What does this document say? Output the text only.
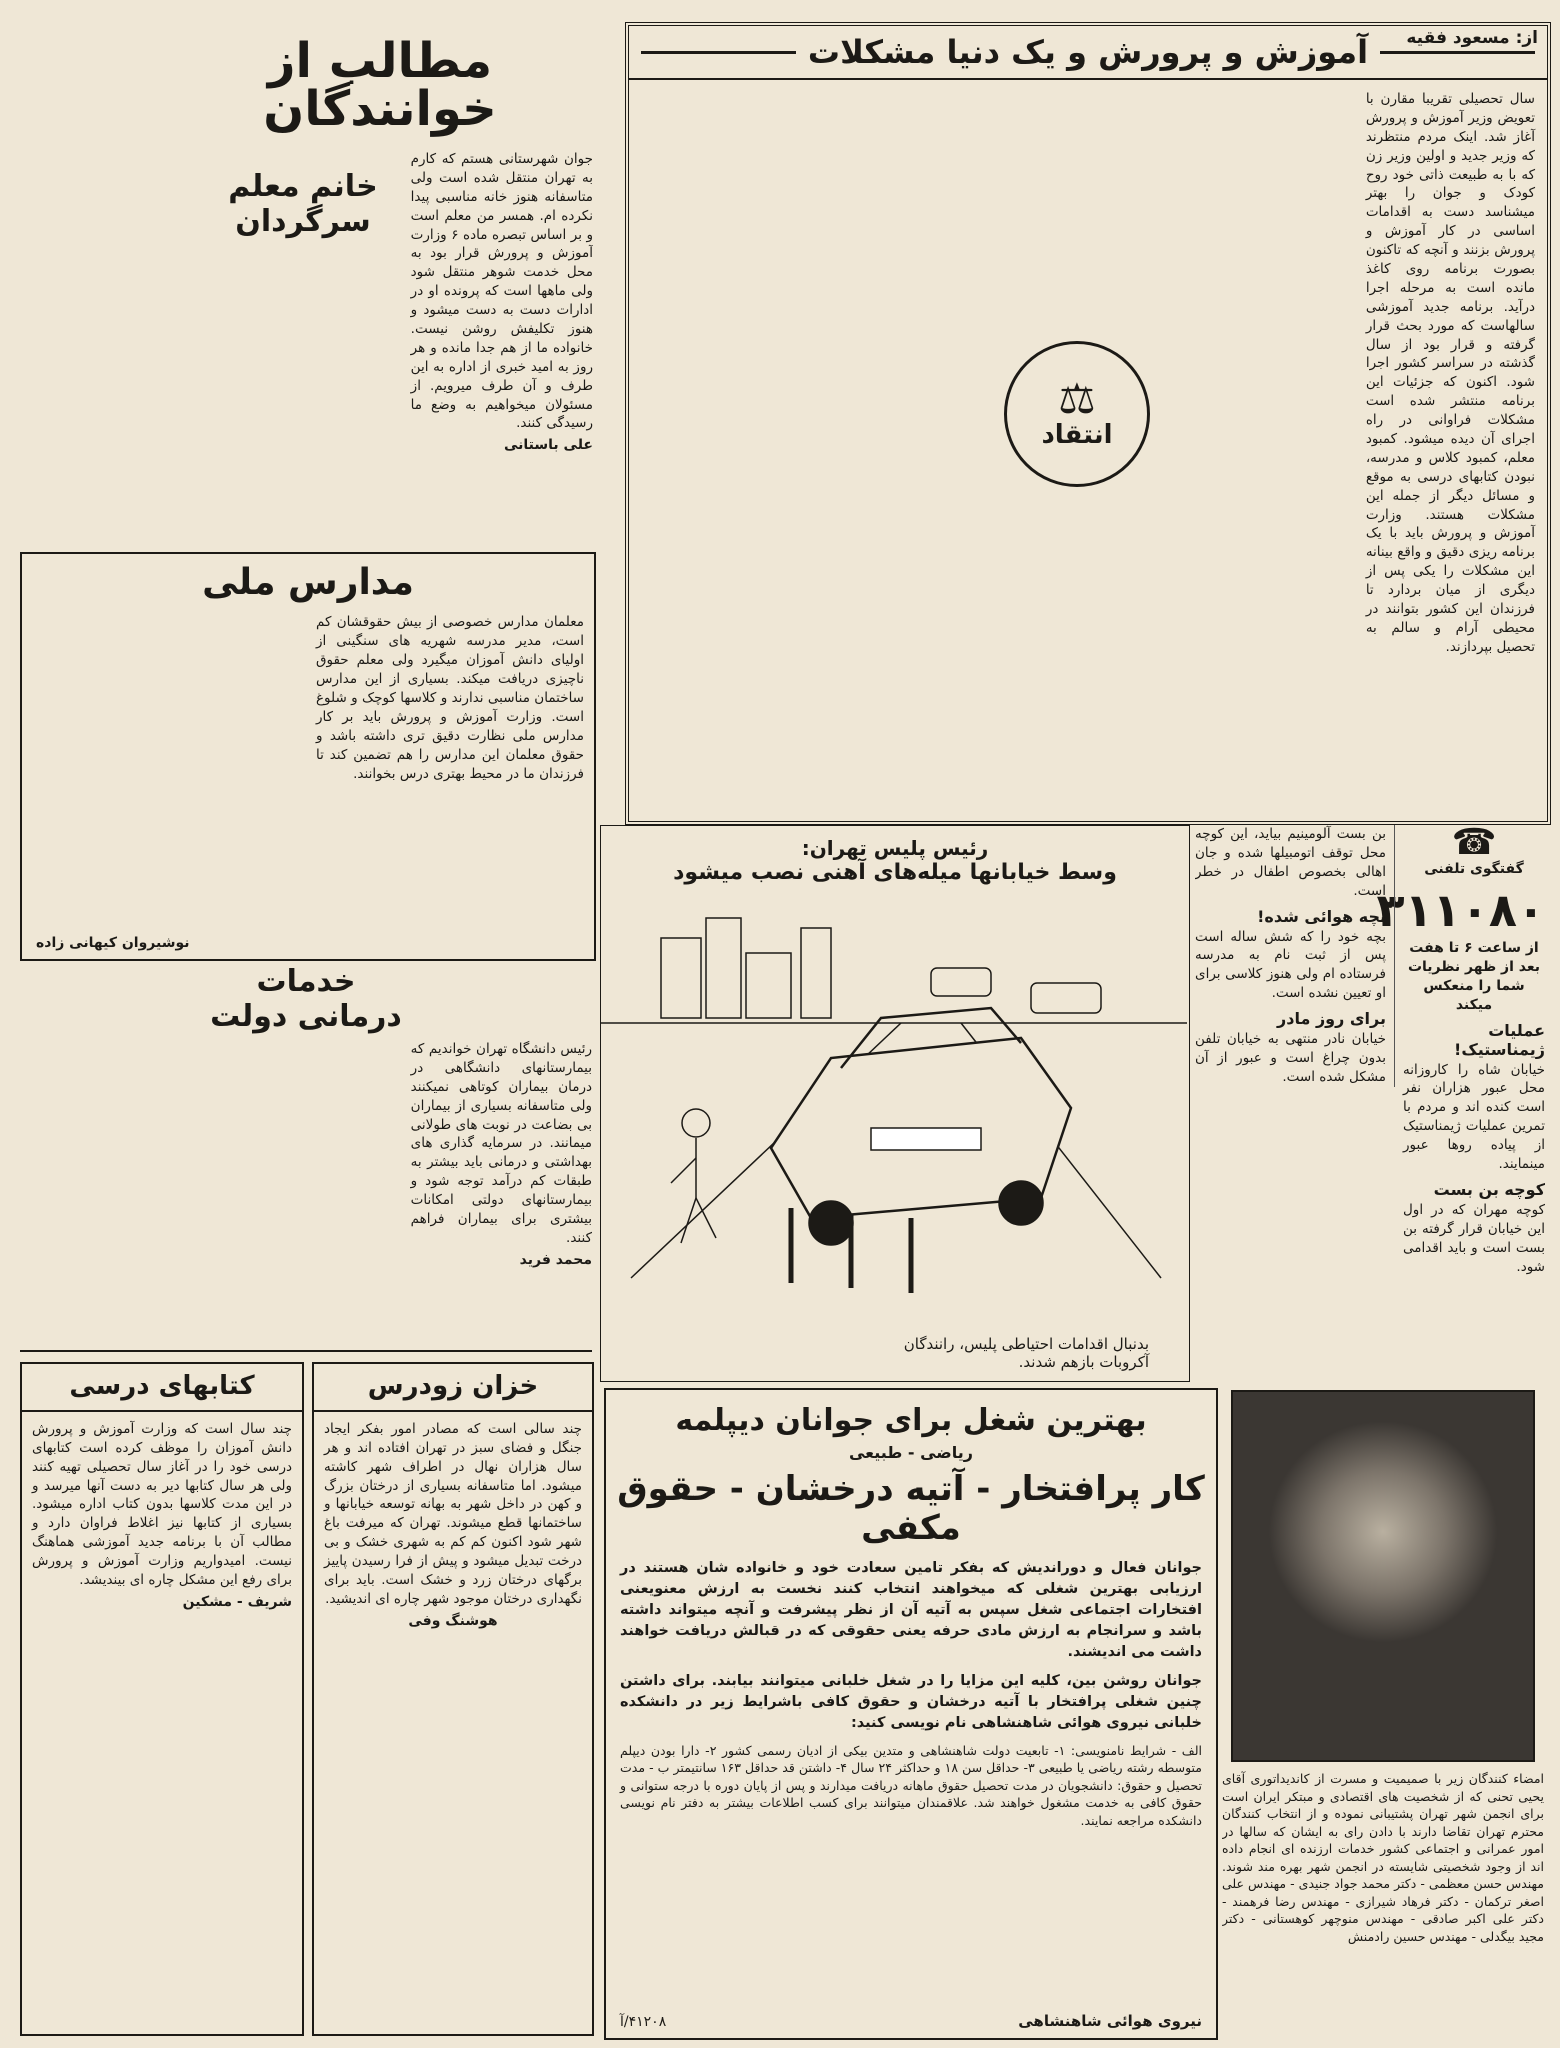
مطالب از خوانندگان
خانم معلم سرگردان

جوان شهرستانی هستم که کارم به تهران منتقل شده است ولی متاسفانه هنوز خانه مناسبی پیدا نکرده ام. همسر من معلم است و بر اساس تبصره ماده ۶ وزارت آموزش و پرورش قرار بود به محل خدمت شوهر منتقل شود ولی ماهها است که پرونده او در ادارات دست به دست میشود و هنوز تکلیفش روشن نیست. خانواده ما از هم جدا مانده و هر روز به امید خبری از اداره به این طرف و آن طرف میرویم. از مسئولان میخواهیم به وضع ما رسیدگی کنند.

علی باستانی
مدارس ملی

معلمان مدارس خصوصی از بیش حقوقشان کم است، مدیر مدرسه شهریه های سنگینی از اولیای دانش آموزان میگیرد ولی معلم حقوق ناچیزی دریافت میکند. بسیاری از این مدارس ساختمان مناسبی ندارند و کلاسها کوچک و شلوغ است. وزارت آموزش و پرورش باید بر کار مدارس ملی نظارت دقیق تری داشته باشد و حقوق معلمان این مدارس را هم تضمین کند تا فرزندان ما در محیط بهتری درس بخوانند.

نوشیروان کیهانی زاده
خدمات درمانی دولت

رئیس دانشگاه تهران خواندیم که بیمارستانهای دانشگاهی در درمان بیماران کوتاهی نمیکنند ولی متاسفانه بسیاری از بیماران بی بضاعت در نوبت های طولانی میمانند. در سرمایه گذاری های بهداشتی و درمانی باید بیشتر به طبقات کم درآمد توجه شود و بیمارستانهای دولتی امکانات بیشتری برای بیماران فراهم کنند.

محمد فرید
خزان زودرس

چند سالی است که مصادر امور بفکر ایجاد جنگل و فضای سبز در تهران افتاده اند و هر سال هزاران نهال در اطراف شهر کاشته میشود. اما متاسفانه بسیاری از درختان بزرگ و کهن در داخل شهر به بهانه توسعه خیابانها و ساختمانها قطع میشوند. تهران که میرفت باغ شهر شود اکنون کم کم به شهری خشک و بی درخت تبدیل میشود و پیش از فرا رسیدن پاییز برگهای درختان زرد و خشک است. باید برای نگهداری درختان موجود شهر چاره ای اندیشید.

هوشنگ وفی
کتابهای درسی

چند سال است که وزارت آموزش و پرورش دانش آموزان را موظف کرده است کتابهای درسی خود را در آغاز سال تحصیلی تهیه کنند ولی هر سال کتابها دیر به دست آنها میرسد و در این مدت کلاسها بدون کتاب اداره میشود. بسیاری از کتابها نیز اغلاط فراوان دارد و مطالب آن با برنامه جدید آموزشی هماهنگ نیست. امیدواریم وزارت آموزش و پرورش برای رفع این مشکل چاره ای بیندیشد.

شریف - مشکین
از: مسعود فقیه
آموزش و پرورش و یک دنیا مشکلات

سال تحصیلی تقریبا مقارن با تعویض وزیر آموزش و پرورش آغاز شد. اینک مردم منتظرند که وزیر جدید و اولین وزیر زن که با به طبیعت ذاتی خود روح کودک و جوان را بهتر میشناسد دست به اقدامات اساسی در کار آموزش و پرورش بزنند و آنچه که تاکنون بصورت برنامه روی کاغذ مانده است به مرحله اجرا درآید. برنامه جدید آموزشی سالهاست که مورد بحث قرار گرفته و قرار بود از سال گذشته در سراسر کشور اجرا شود. اکنون که جزئیات این برنامه منتشر شده است مشکلات فراوانی در راه اجرای آن دیده میشود. کمبود معلم، کمبود کلاس و مدرسه، نبودن کتابهای درسی به موقع و مسائل دیگر از جمله این مشکلات هستند. وزارت آموزش و پرورش باید با یک برنامه ریزی دقیق و واقع بینانه این مشکلات را یکی پس از دیگری از میان بردارد تا فرزندان این کشور بتوانند در محیطی آرام و سالم به تحصیل بپردازند.

⚖
انتقاد
رئیس پلیس تهران:
وسط خیابانها میله‌های آهنی نصب میشود
بدنبال اقدامات احتیاطی پلیس، رانندگان
آکروبات بازهم شدند.
☎
گفتگوی تلفنی
۳۱۱۰۸۰
از ساعت ۶ تا هفت بعد از ظهر نظریات شما را منعکس میکند
عملیات ژیمناستیک!

خیابان شاه را کاروزانه محل عبور هزاران نفر است کنده اند و مردم با تمرین عملیات ژیمناستیک از پیاده روها عبور مینمایند.

کوچه بن بست

کوچه مهران که در اول این خیابان قرار گرفته بن بست است و باید اقدامی شود.

بن بست آلومینیم بیاید، این کوچه محل توقف اتومبیلها شده و جان اهالی بخصوص اطفال در خطر است.

بچه هوائی شده!

بچه خود را که شش ساله است پس از ثبت نام به مدرسه فرستاده ام ولی هنوز کلاسی برای او تعیین نشده است.

برای روز مادر

خیابان نادر منتهی به خیابان تلفن بدون چراغ است و عبور از آن مشکل شده است.

بهترین شغل برای جوانان دیپلمه
ریاضی - طبیعی
کار پرافتخار - آتیه درخشان - حقوق مکفی

جوانان فعال و دوراندیش که بفکر تامین سعادت خود و خانواده شان هستند در ارزیابی بهترین شغلی که میخواهند انتخاب کنند نخست به ارزش معنویعنی افتخارات اجتماعی شغل سپس به آتیه آن از نظر پیشرفت و آنچه میتواند داشته باشد و سرانجام به ارزش مادی حرفه یعنی حقوقی که در قبالش دریافت خواهند داشت می اندیشند.

جوانان روشن بین، کلیه این مزایا را در شغل خلبانی میتوانند بیابند. برای داشتن چنین شغلی پرافتخار با آتیه درخشان و حقوق کافی باشرایط زیر در دانشکده خلبانی نیروی هوائی شاهنشاهی نام نویسی کنید:

الف - شرایط نامنویسی: ۱- تابعیت دولت شاهنشاهی و متدین بیکی از ادیان رسمی کشور ۲- دارا بودن دیپلم متوسطه رشته ریاضی یا طبیعی ۳- حداقل سن ۱۸ و حداکثر ۲۴ سال ۴- داشتن قد حداقل ۱۶۳ سانتیمتر ب - مدت تحصیل و حقوق: دانشجویان در مدت تحصیل حقوق ماهانه دریافت میدارند و پس از پایان دوره با درجه ستوانی و حقوق کافی به خدمت مشغول خواهند شد. علاقمندان میتوانند برای کسب اطلاعات بیشتر به دفتر نام نویسی دانشکده مراجعه نمایند.

نیروی هوائی شاهنشاهی
۴۱۲۰۸/آ

امضاء کنندگان زیر با صمیمیت و مسرت از کاندیداتوری آقای یحیی تحنی که از شخصیت های اقتصادی و مبتکر ایران است برای انجمن شهر تهران پشتیبانی نموده و از انتخاب کنندگان محترم تهران تقاضا دارند با دادن رای به ایشان که سالها در امور عمرانی و اجتماعی کشور خدمات ارزنده ای انجام داده اند از وجود شخصیتی شایسته در انجمن شهر بهره مند شوند. مهندس حسن معظمی - دکتر محمد جواد جنیدی - مهندس علی اصغر ترکمان - دکتر فرهاد شیرازی - مهندس رضا فرهمند - دکتر علی اکبر صادقی - مهندس منوچهر کوهستانی - دکتر مجید بیگدلی - مهندس حسین رادمنش
